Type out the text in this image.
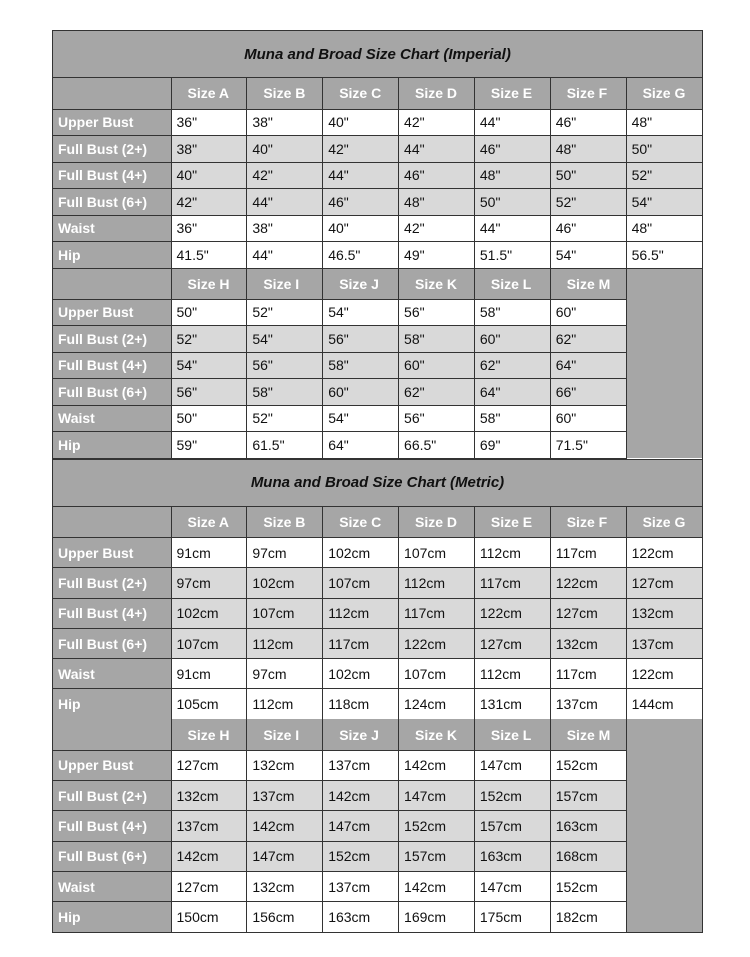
Muna and Broad Size Chart (Imperial)
	Size A	Size B	Size C	Size D	Size E	Size F	Size G
Upper Bust	36"	38"	40"	42"	44"	46"	48"
Full Bust (2+)	38"	40"	42"	44"	46"	48"	50"
Full Bust (4+)	40"	42"	44"	46"	48"	50"	52"
Full Bust (6+)	42"	44"	46"	48"	50"	52"	54"
Waist	36"	38"	40"	42"	44"	46"	48"
Hip	41.5"	44"	46.5"	49"	51.5"	54"	56.5"
	Size H	Size I	Size J	Size K	Size L	Size M	
Upper Bust	50"	52"	54"	56"	58"	60"	
Full Bust (2+)	52"	54"	56"	58"	60"	62"	
Full Bust (4+)	54"	56"	58"	60"	62"	64"	
Full Bust (6+)	56"	58"	60"	62"	64"	66"	
Waist	50"	52"	54"	56"	58"	60"	
Hip	59"	61.5"	64"	66.5"	69"	71.5"	
Muna and Broad Size Chart (Metric)
	Size A	Size B	Size C	Size D	Size E	Size F	Size G
Upper Bust	91cm	97cm	102cm	107cm	112cm	117cm	122cm
Full Bust (2+)	97cm	102cm	107cm	112cm	117cm	122cm	127cm
Full Bust (4+)	102cm	107cm	112cm	117cm	122cm	127cm	132cm
Full Bust (6+)	107cm	112cm	117cm	122cm	127cm	132cm	137cm
Waist	91cm	97cm	102cm	107cm	112cm	117cm	122cm
Hip	105cm	112cm	118cm	124cm	131cm	137cm	144cm
	Size H	Size I	Size J	Size K	Size L	Size M	
Upper Bust	127cm	132cm	137cm	142cm	147cm	152cm	
Full Bust (2+)	132cm	137cm	142cm	147cm	152cm	157cm	
Full Bust (4+)	137cm	142cm	147cm	152cm	157cm	163cm	
Full Bust (6+)	142cm	147cm	152cm	157cm	163cm	168cm	
Waist	127cm	132cm	137cm	142cm	147cm	152cm	
Hip	150cm	156cm	163cm	169cm	175cm	182cm	
